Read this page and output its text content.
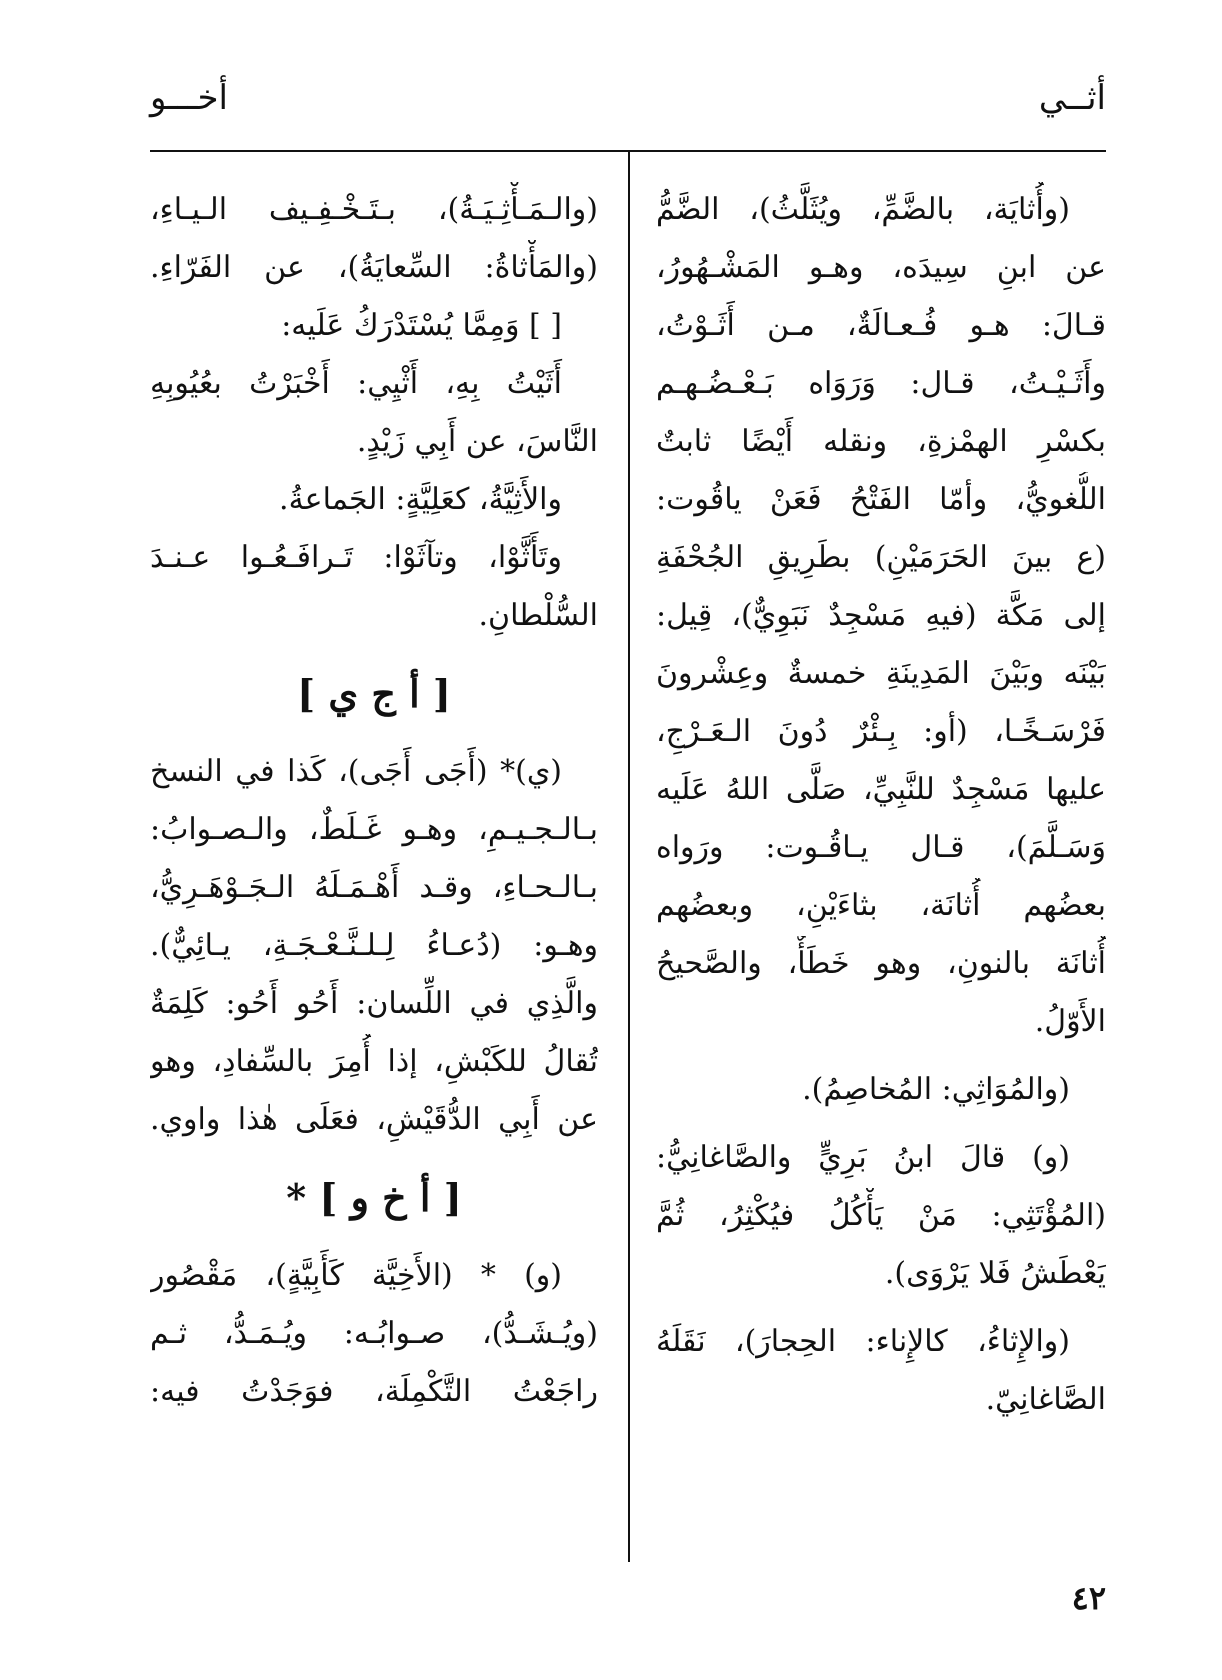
أثــي
أخـــو
(وأُثايَة، بالضَّمِّ، ويُثَلَّثُ)، الضَّمُّ
عن ابنِ سِيدَه، وهـو المَشْـهُورُ،
قـالَ: هـو فُـعـالَةٌ، مـن أَثَـوْتُ،
وأَثَـيْـتُ، قـال: وَرَوَاه بَـعْـضُـهـم
بكسْرِ الهمْزةِ، ونقله أَيْضًا ثابتٌ
اللُّغويُّ، وأمّا الفَتْحُ فَعَنْ ياقُوت:
(ع بينَ الحَرَمَيْنِ) بطَرِيقِ الجُحْفَةِ
إلى مَكَّة (فيهِ مَسْجِدٌ نَبَوِيٌّ)، قِيل:
بَيْنَه وبَيْنَ المَدِينَةِ خمسةٌ وعِشْرونَ
فَرْسَـخًـا، (أو: بِـئْرٌ دُونَ الـعَـرْجِ،
عليها مَسْجِدٌ للنَّبِيِّ، صَلَّى اللهُ عَلَيه
وَسَـلَّمَ)، قـال يـاقُـوت: ورَواه
بعضُهم أُثانَة، بثاءَيْنِ، وبعضُهم
أُثانَة بالنونِ، وهو خَطَأٌ، والصَّحيحُ
الأَوّلُ.
(والمُوَاثِي: المُخاصِمُ).
(و) قالَ ابنُ بَرِيٍّ والصَّاغانِيُّ:
(المُؤْتَثِي: مَنْ يَأْكُلُ فيُكْثِرُ، ثُمَّ
يَعْطَشُ فَلا يَرْوَى).
(والإِثاءُ، كالإِناء: الحِجارَ)، نَقَلَهُ
الصَّاغانِيّ.
(والـمَـأْثِـيَـةُ)، بـتَـخْـفِـيف الـيـاءِ،
(والمَأْثاةُ: السِّعايَةُ)، عن الفَرّاءِ.
[ ] وَمِمَّا يُسْتَدْرَكُ عَلَيه:
أَثَيْتُ بِهِ، أَثْيِي: أَخْبَرْتُ بعُيُوبِهِ
النَّاسَ، عن أَبِي زَيْدٍ.
والأَثِيَّةُ، كعَلِيَّةٍ: الجَماعةُ.
وتَأَثَّوْا، وتآثَوْا: تَـرافَـعُـوا عـنـدَ
السُّلْطانِ.
[ أ ج ي ]
(ي)* (أَجَى أَجَى)، كَذا في النسخ
بـالـجـيـمِ، وهـو غَـلَطٌ، والـصـوابُ:
بـالـحـاءِ، وقـد أَهْـمَـلَهُ الـجَـوْهَـرِيُّ،
وهـو: (دُعـاءُ لِـلـنَّـعْـجَـةِ، يـائِيٌّ).
والَّذِي في اللِّسان: أَحُو أَحُو: كَلِمَةٌ
تُقالُ للكَبْشِ، إذا أُمِرَ بالسِّفادِ، وهو
عن أَبِي الدُّقَيْشِ، فعَلَى هٰذا واوي.
[ أ خ و ] *
(و) * (الأَخِيَّة كَأَبِيَّةٍ)، مَقْصُور
(ويُـشَـدُّ)، صـوابُـه: ويُـمَـدُّ، ثـم
راجَعْتُ التَّكْمِلَة، فوَجَدْتُ فيه:
٤٢
